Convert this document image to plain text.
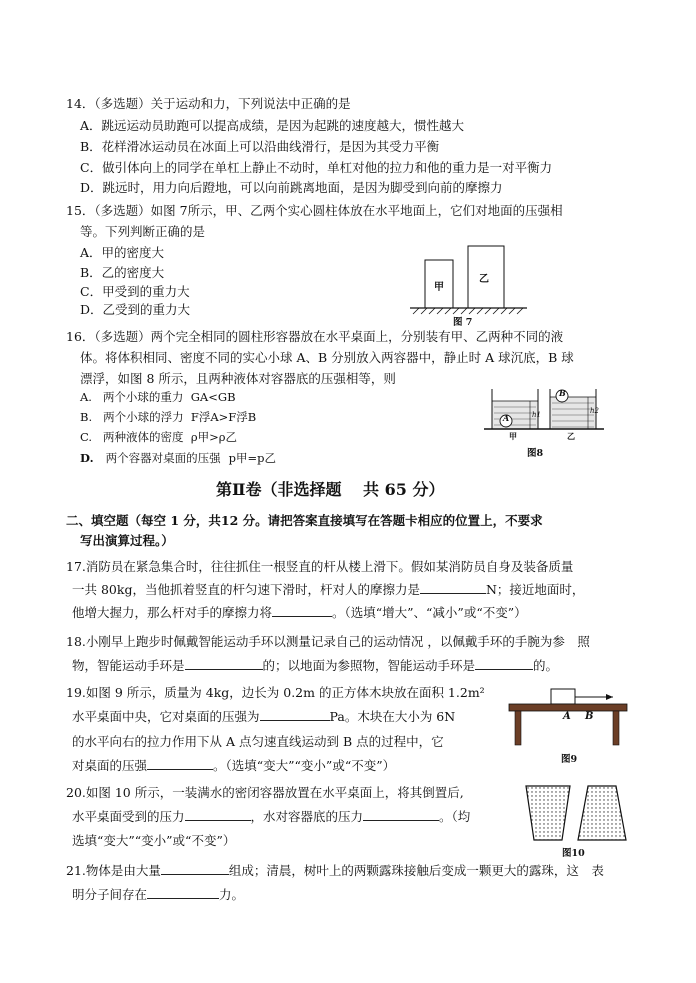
14．（多选题）关于运动和力，下列说法中正确的是
A．跳远运动员助跑可以提高成绩，是因为起跳的速度越大，惯性越大
B．花样滑冰运动员在冰面上可以沿曲线滑行，是因为其受力平衡
C．做引体向上的同学在单杠上静止不动时，单杠对他的拉力和他的重力是一对平衡力
D．跳远时，用力向后蹬地，可以向前跳离地面，是因为脚受到向前的摩擦力
15．（多选题）如图 7所示，甲、乙两个实心圆柱体放在水平地面上，它们对地面的压强相
等。下列判断正确的是
A．甲的密度大
B．乙的密度大
C．甲受到的重力大
D．乙受到的重力大
甲
乙
图 7
16．（多选题）两个完全相同的圆柱形容器放在水平桌面上，分别装有甲、乙两种不同的液
体。将体积相同、密度不同的实心小球 A、B 分别放入两容器中，静止时 A 球沉底，B 球
漂浮，如图 8 所示，且两种液体对容器底的压强相等，则
A. 两个小球的重力 GA<GB
B. 两个小球的浮力 F浮A>F浮B
C. 两种液体的密度 ρ甲>ρ乙
D. 两个容器对桌面的压强 p甲=p乙
A
B
h1	h2
甲	乙
图8
第Ⅱ卷（非选择题　 共 65 分）
二、填空题（每空 1 分，共12 分。请把答案直接填写在答题卡相应的位置上，不要求
写出演算过程。）
17.消防员在紧急集合时，往往抓住一根竖直的杆从楼上滑下。假如某消防员自身及装备质量
一共 80kg，当他抓着竖直的杆匀速下滑时，杆对人的摩擦力是	N；接近地面时，
他增大握力，那么杆对手的摩擦力将	。（选填“增大”、“减小”或“不变”）
18.小刚早上跑步时佩戴智能运动手环以测量记录自己的运动情况 ，以佩戴手环的手腕为参　照
物，智能运动手环是	的；以地面为参照物，智能运动手环是	的。
19.如图 9 所示，质量为 4kg，边长为 0.2m 的正方体木块放在面积 1.2m²
水平桌面中央，它对桌面的压强为	Pa。木块在大小为 6N
的水平向右的拉力作用下从 A 点匀速直线运动到 B 点的过程中，它
对桌面的压强	。（选填“变大”“变小”或“不变”）
A B
图9
20.如图 10 所示，一装满水的密闭容器放置在水平桌面上，将其倒置后,
水平桌面受到的压力	，水对容器底的压力	。（均
选填“变大”“变小”或“不变”）
图10
21.物体是由大量	组成；清晨，树叶上的两颗露珠接触后变成一颗更大的露珠，这　表
明分子间存在	力。
